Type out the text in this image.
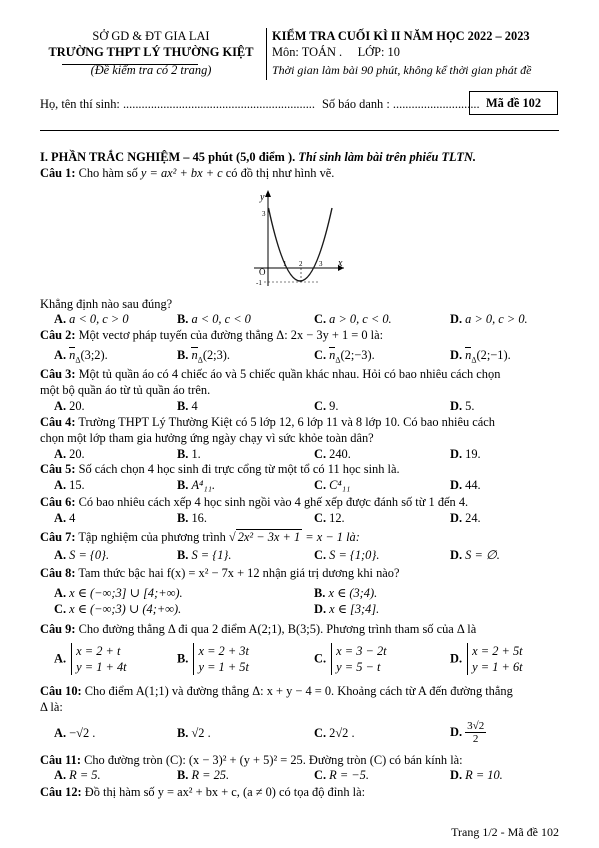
SỞ GD & ĐT GIA LAI
TRƯỜNG THPT LÝ THƯỜNG KIỆT
(Đề kiểm tra có 2 trang)
KIỂM TRA CUỐI KÌ II NĂM HỌC 2022 – 2023
Môn: TOÁN .     LỚP: 10
Thời gian làm bài 90 phút, không kể thời gian phát đề
Họ, tên thí sinh: .............................................................. Số báo danh : ............................ Mã đề 102
I. PHẦN TRẮC NGHIỆM – 45 phút (5,0 điểm ). Thí sinh làm bài trên phiếu TLTN.
Câu 1: Cho hàm số y = ax² + bx + c có đồ thị như hình vẽ.
y
x
O
1 2 3
3
-1
Khẳng định nào sau đúng?
A. a < 0, c > 0	B. a < 0, c < 0	C. a > 0, c < 0.	D. a > 0, c > 0.
Câu 2: Một vectơ pháp tuyến của đường thẳng Δ: 2x − 3y + 1 = 0 là:
A. $n_\Delta(3;2)$.	B. $n_\Delta(2;3)$.	C. $n_\Delta(2;-3)$.	D. $n_\Delta(2;-1)$.
Câu 3: Một tủ quần áo có 4 chiếc áo và 5 chiếc quần khác nhau. Hỏi có bao nhiêu cách chọn
một bộ quần áo từ tủ quần áo trên.
A. 20.	B. 4	C. 9.	D. 5.
Câu 4: Trường THPT Lý Thường Kiệt có 5 lớp 12, 6 lớp 11 và 8 lớp 10. Có bao nhiêu cách
chọn một lớp tham gia hưởng ứng ngày chạy vì sức khỏe toàn dân?
A. 20.	B. 1.	C. 240.	D. 19.
Câu 5: Số cách chọn 4 học sinh đi trực cổng từ một tổ có 11 học sinh là.
A. 15.	B. A⁴₁₁.	C. C⁴₁₁	D. 44.
Câu 6: Có bao nhiêu cách xếp 4 học sinh ngồi vào 4 ghế xếp được đánh số từ 1 đến 4.
A. 4	B. 16.	C. 12.	D. 24.
Câu 7: Tập nghiệm của phương trình √ 2x² − 3x + 1 = x − 1 là:
A. S = {0}.	B. S = {1}.	C. S = {1;0}.	D. S = ∅.
Câu 8: Tam thức bậc hai f(x) = x² − 7x + 12 nhận giá trị dương khi nào?
A. x ∈ (−∞;3] ∪ [4;+∞).	B. x ∈ (3;4).
C. x ∈ (−∞;3) ∪ (4;+∞).	D. x ∈ [3;4].
Câu 9: Cho đường thẳng Δ đi qua 2 điểm A(2;1), B(3;5). Phương trình tham số của Δ là
A. x = 2 + t
y = 1 + 4t
B. x = 2 + 3t
y = 1 + 5t
C. x = 3 − 2t
y = 5 − t
D. x = 2 + 5t
y = 1 + 6t
Câu 10: Cho điểm A(1;1) và đường thẳng Δ: x + y − 4 = 0. Khoảng cách từ A đến đường thẳng
Δ là:
A. −√2 .	B. √2 .	C. 2√2 .	D. $\frac{3√2}{2}$
Câu 11: Cho đường tròn (C): (x − 3)² + (y + 5)² = 25. Đường tròn (C) có bán kính là:
A. R = 5.	B. R = 25.	C. R = −5.	D. R = 10.
Câu 12: Đồ thị hàm số y = ax² + bx + c, (a ≠ 0) có tọa độ đỉnh là:
Trang 1/2 - Mã đề 102
